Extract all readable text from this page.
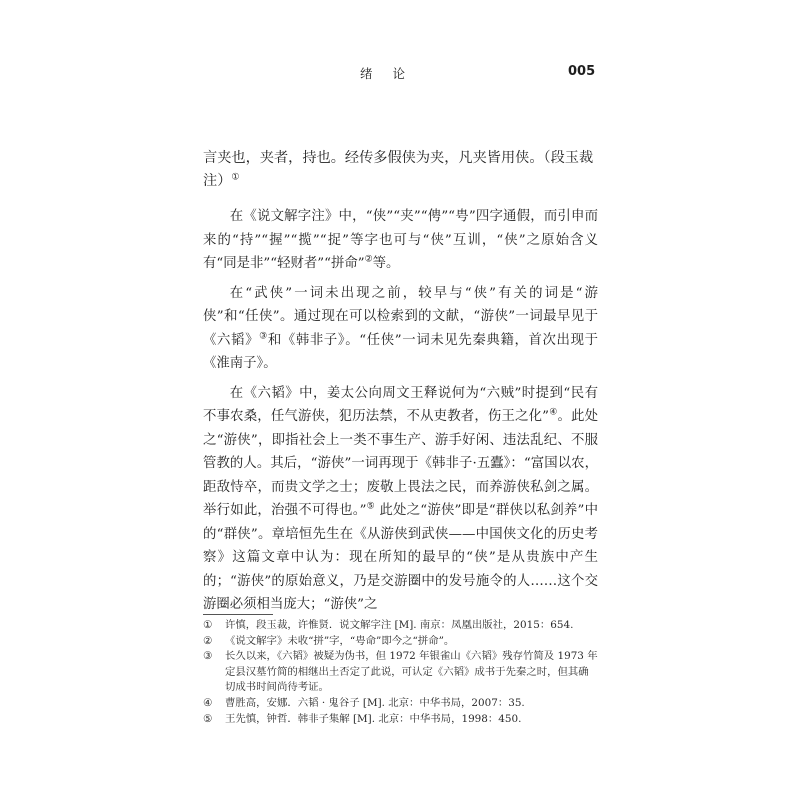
绪 论	005

言夹也，夹者，持也。经传多假侠为夹，凡夹皆用侠。（段玉裁注）①

在《说文解字注》中，“侠”“夹”“俜”“甹”四字通假，而引申而来的“持”“握”“揽”“捉”等字也可与“侠”互训，“侠”之原始含义有“同是非”“轻财者”“拼命”②等。

在“武侠”一词未出现之前，较早与“侠”有关的词是“游侠”和“任侠”。通过现在可以检索到的文献，“游侠”一词最早见于《六韬》③和《韩非子》。“任侠”一词未见先秦典籍，首次出现于《淮南子》。

在《六韬》中，姜太公向周文王释说何为“六贼”时提到“民有不事农桑，任气游侠，犯历法禁，不从吏教者，伤王之化”④。此处之“游侠”，即指社会上一类不事生产、游手好闲、违法乱纪、不服管教的人。其后，“游侠”一词再现于《韩非子·五蠹》：“富国以农，距敌恃卒，而贵文学之士；废敬上畏法之民，而养游侠私剑之属。举行如此，治强不可得也。”⑤ 此处之“游侠”即是“群侠以私剑养”中的“群侠”。章培恒先生在《从游侠到武侠——中国侠文化的历史考察》这篇文章中认为：现在所知的最早的“侠”是从贵族中产生的；“游侠”的原始意义，乃是交游圈中的发号施令的人……这个交游圈必须相当庞大；“游侠”之

① 许慎，段玉裁，许惟贤．说文解字注 [M]. 南京：凤凰出版社，2015：654.

② 《说文解字》未收“拼”字，“甹命”即今之“拼命”。

③ 长久以来，《六韬》被疑为伪书，但 1972 年银雀山《六韬》残存竹简及 1973 年定县汉墓竹简的相继出土否定了此说，可认定《六韬》成书于先秦之时，但其确切成书时间尚待考证。

④ 曹胜高，安娜．六韬 · 鬼谷子 [M]. 北京：中华书局，2007：35.

⑤ 王先慎，钟哲．韩非子集解 [M]. 北京：中华书局，1998：450.
